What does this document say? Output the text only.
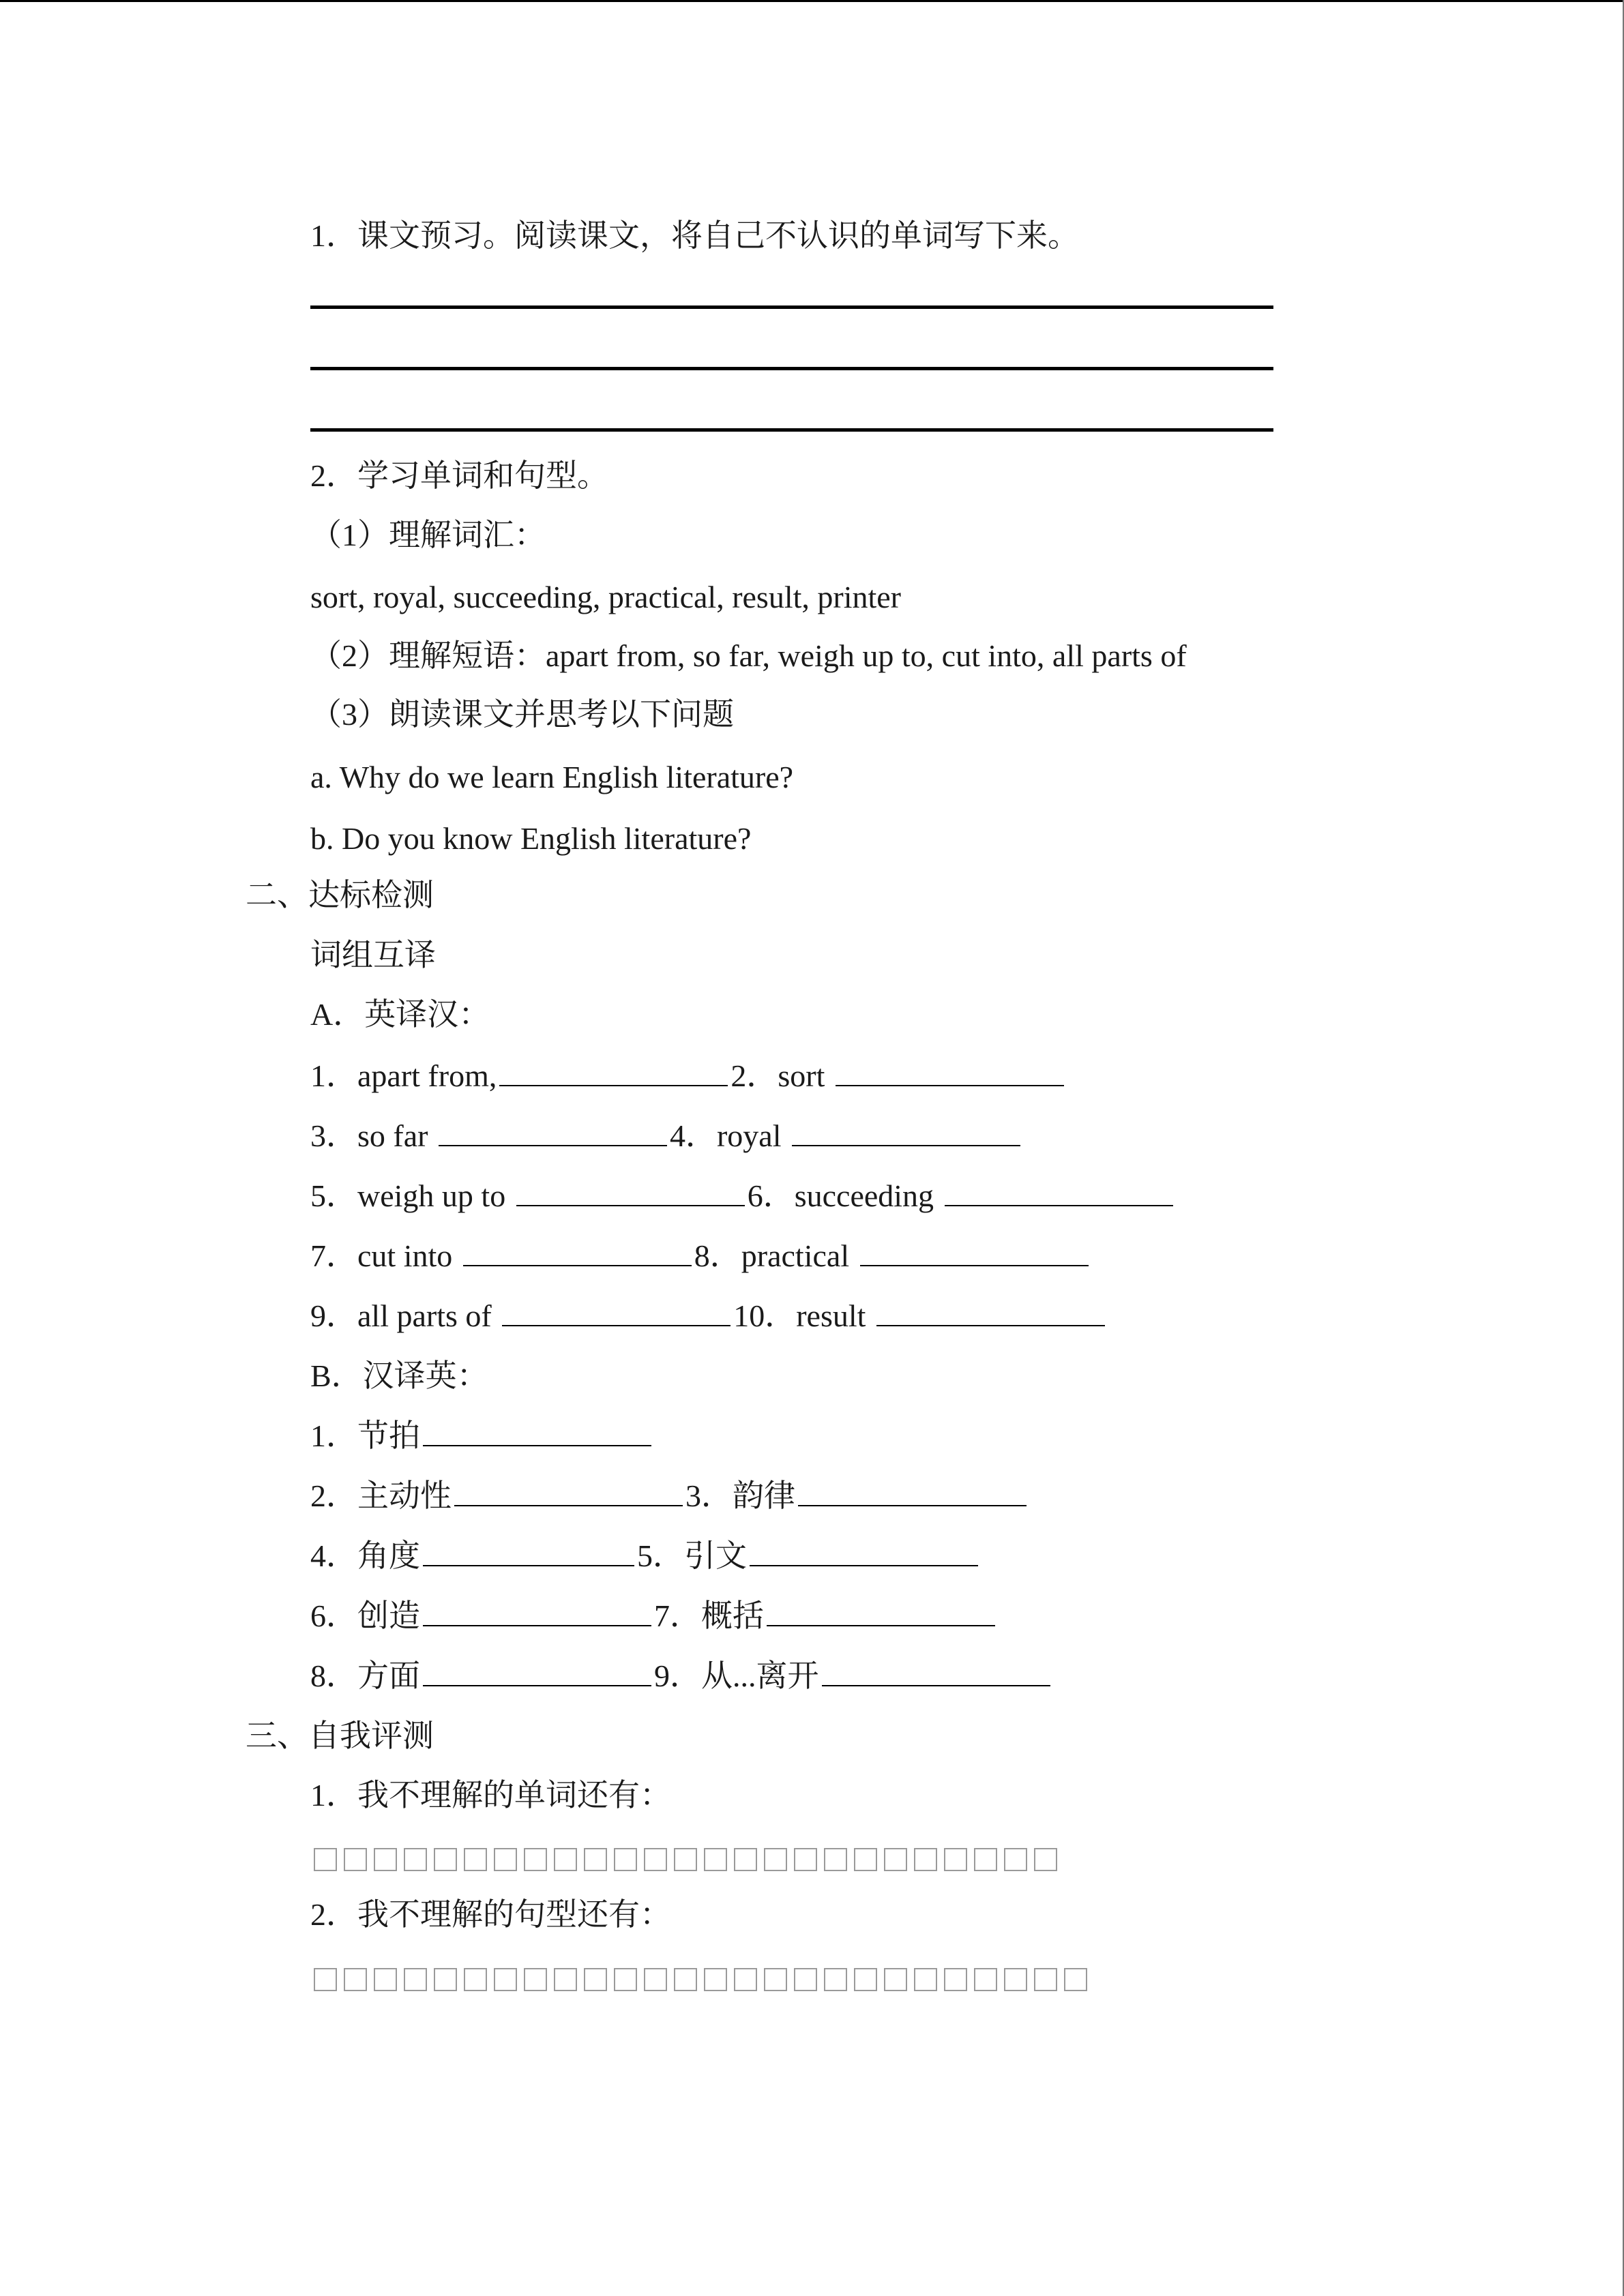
1．课文预习。阅读课文，将自己不认识的单词写下来。
2．学习单词和句型。
（1）理解词汇：
sort, royal, succeeding, practical, result, printer
（2）理解短语：apart from, so far, weigh up to, cut into, all parts of
（3）朗读课文并思考以下问题
a. Why do we learn English literature?
b. Do you know English literature?
二、达标检测
词组互译
A．英译汉：
1．apart from,	2．sort
3．so far	4．royal
5．weigh up to	6．succeeding
7．cut into	8．practical
9．all parts of	10．result
B．汉译英：
1．节拍
2．主动性	3．韵律
4．角度	5．引文
6．创造	7．概括
8．方面	9．从...离开
三、自我评测
1．我不理解的单词还有：
2．我不理解的句型还有：
